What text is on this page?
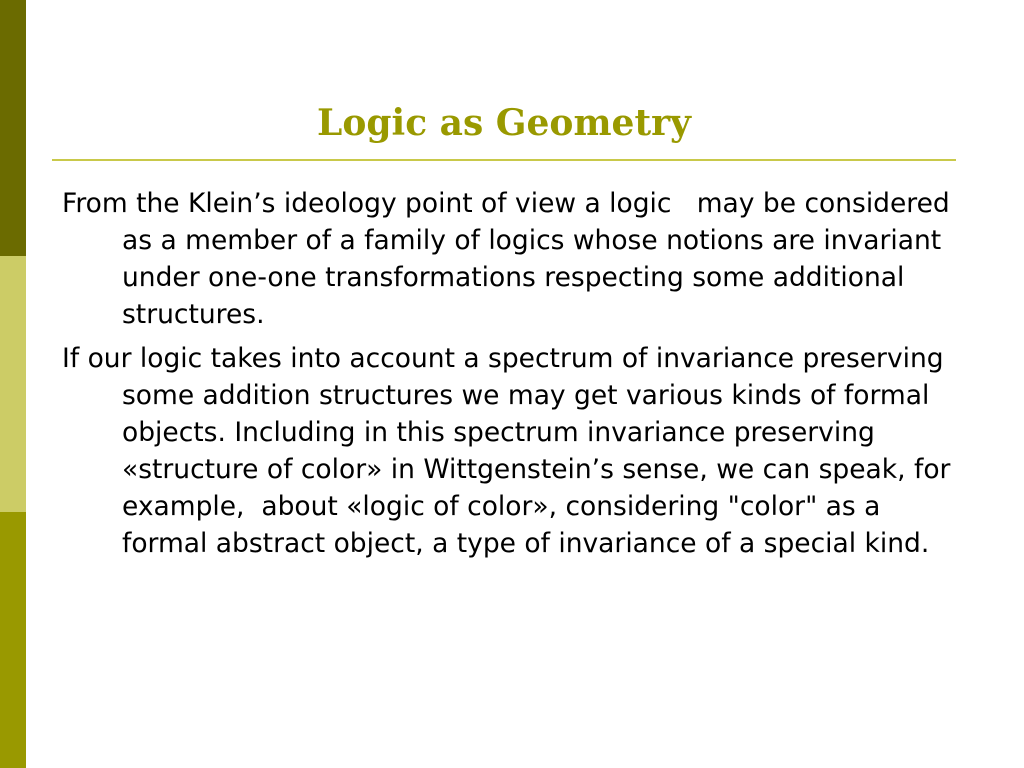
Logic as Geometry

From the Klein’s ideology point of view a logic   may be considered as a member of a family of logics whose notions are invariant under one-one transformations respecting some additional structures.

If our logic takes into account a spectrum of invariance preserving some addition structures we may get various kinds of formal objects. Including in this spectrum invariance preserving «structure of color» in Wittgenstein’s sense, we can speak, for example,  about «logic of color», considering "color" as a formal abstract object, a type of invariance of a special kind.
